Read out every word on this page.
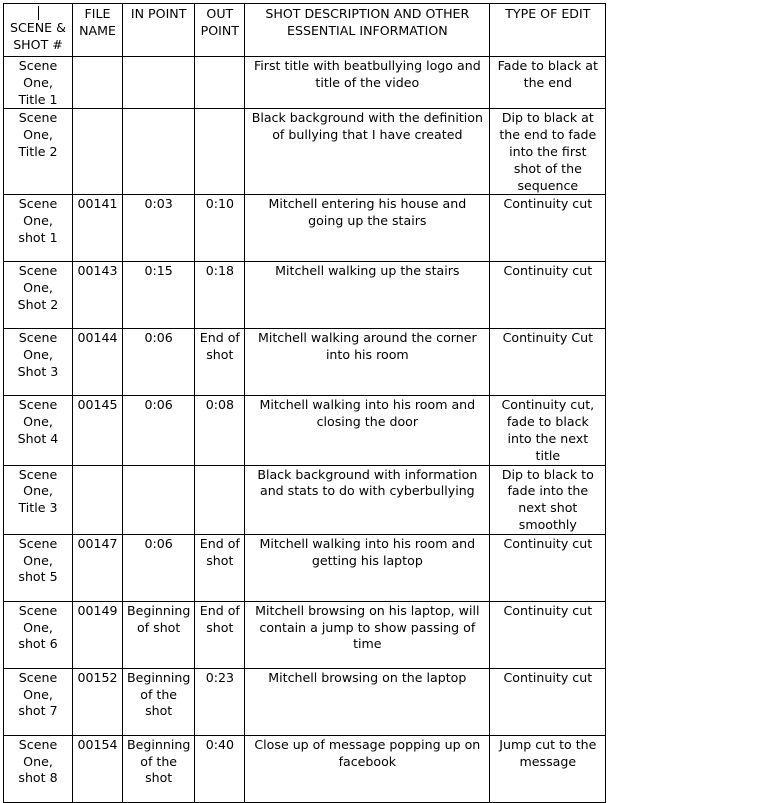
SCENE & SHOT #	FILE NAME	IN POINT	OUT POINT	SHOT DESCRIPTION AND OTHER ESSENTIAL INFORMATION	TYPE OF EDIT
Scene One, Title 1				First title with beatbullying logo and title of the video	Fade to black at the end
Scene One, Title 2				Black background with the definition of bullying that I have created	Dip to black at the end to fade into the first shot of the sequence
Scene One, shot 1	00141	0:03	0:10	Mitchell entering his house and going up the stairs	Continuity cut
Scene One, Shot 2	00143	0:15	0:18	Mitchell walking up the stairs	Continuity cut
Scene One, Shot 3	00144	0:06	End of shot	Mitchell walking around the corner into his room	Continuity Cut
Scene One, Shot 4	00145	0:06	0:08	Mitchell walking into his room and closing the door	Continuity cut, fade to black into the next title
Scene One, Title 3				Black background with information and stats to do with cyberbullying	Dip to black to fade into the next shot smoothly
Scene One, shot 5	00147	0:06	End of shot	Mitchell walking into his room and getting his laptop	Continuity cut
Scene One, shot 6	00149	Beginning of shot	End of shot	Mitchell browsing on his laptop, will contain a jump to show passing of time	Continuity cut
Scene One, shot 7	00152	Beginning of the shot	0:23	Mitchell browsing on the laptop	Continuity cut
Scene One, shot 8	00154	Beginning of the shot	0:40	Close up of message popping up on facebook	Jump cut to the message
